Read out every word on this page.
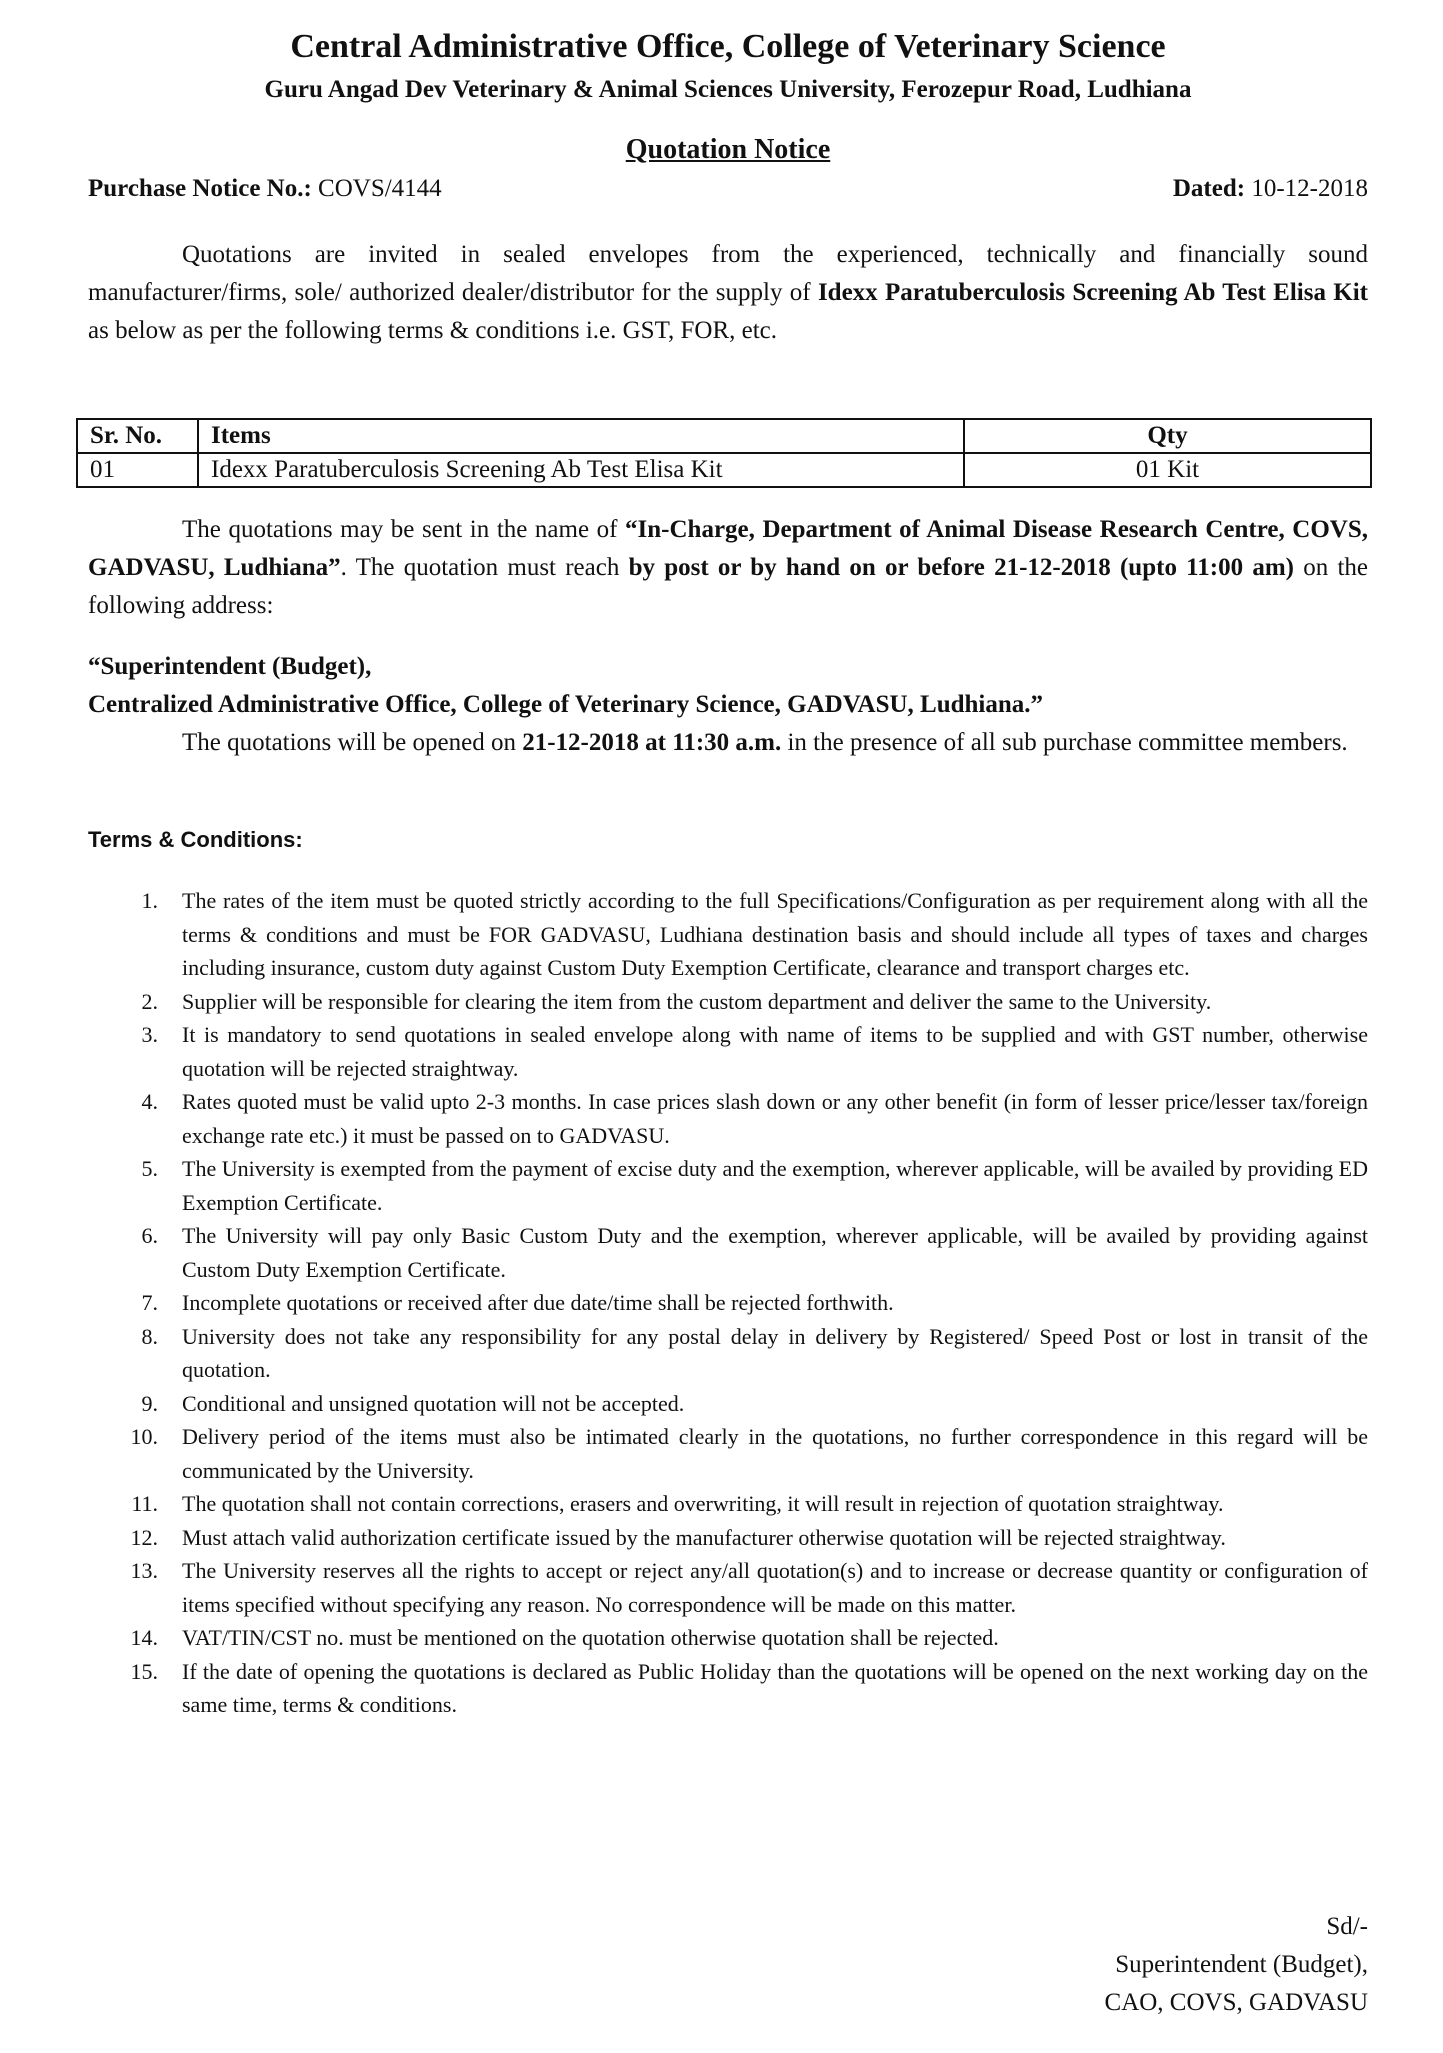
Central Administrative Office, College of Veterinary Science
Guru Angad Dev Veterinary & Animal Sciences University, Ferozepur Road, Ludhiana
Quotation Notice
Purchase Notice No.: COVS/4144	Dated: 10-12-2018

Quotations are invited in sealed envelopes from the experienced, technically and financially sound manufacturer/firms, sole/ authorized dealer/distributor for the supply of Idexx Paratuberculosis Screening Ab Test Elisa Kit as below as per the following terms & conditions i.e. GST, FOR, etc.

Sr. No.	Items	Qty
01	Idexx Paratuberculosis Screening Ab Test Elisa Kit	01 Kit

The quotations may be sent in the name of “In-Charge, Department of Animal Disease Research Centre, COVS, GADVASU, Ludhiana”. The quotation must reach by post or by hand on or before 21-12-2018 (upto 11:00 am) on the following address:

“Superintendent (Budget),
Centralized Administrative Office, College of Veterinary Science, GADVASU, Ludhiana.”

The quotations will be opened on 21-12-2018 at 11:30 a.m. in the presence of all sub purchase committee members.

Terms & Conditions:
1. The rates of the item must be quoted strictly according to the full Specifications/Configuration as per requirement along with all the terms & conditions and must be FOR GADVASU, Ludhiana destination basis and should include all types of taxes and charges including insurance, custom duty against Custom Duty Exemption Certificate, clearance and transport charges etc.
2. Supplier will be responsible for clearing the item from the custom department and deliver the same to the University.
3. It is mandatory to send quotations in sealed envelope along with name of items to be supplied and with GST number, otherwise quotation will be rejected straightway.
4. Rates quoted must be valid upto 2-3 months. In case prices slash down or any other benefit (in form of lesser price/lesser tax/foreign exchange rate etc.) it must be passed on to GADVASU.
5. The University is exempted from the payment of excise duty and the exemption, wherever applicable, will be availed by providing ED Exemption Certificate.
6. The University will pay only Basic Custom Duty and the exemption, wherever applicable, will be availed by providing against Custom Duty Exemption Certificate.
7. Incomplete quotations or received after due date/time shall be rejected forthwith.
8. University does not take any responsibility for any postal delay in delivery by Registered/ Speed Post or lost in transit of the quotation.
9. Conditional and unsigned quotation will not be accepted.
10. Delivery period of the items must also be intimated clearly in the quotations, no further correspondence in this regard will be communicated by the University.
11. The quotation shall not contain corrections, erasers and overwriting, it will result in rejection of quotation straightway.
12. Must attach valid authorization certificate issued by the manufacturer otherwise quotation will be rejected straightway.
13. The University reserves all the rights to accept or reject any/all quotation(s) and to increase or decrease quantity or configuration of items specified without specifying any reason. No correspondence will be made on this matter.
14. VAT/TIN/CST no. must be mentioned on the quotation otherwise quotation shall be rejected.
15. If the date of opening the quotations is declared as Public Holiday than the quotations will be opened on the next working day on the same time, terms & conditions.
Sd/-
Superintendent (Budget),
CAO, COVS, GADVASU
